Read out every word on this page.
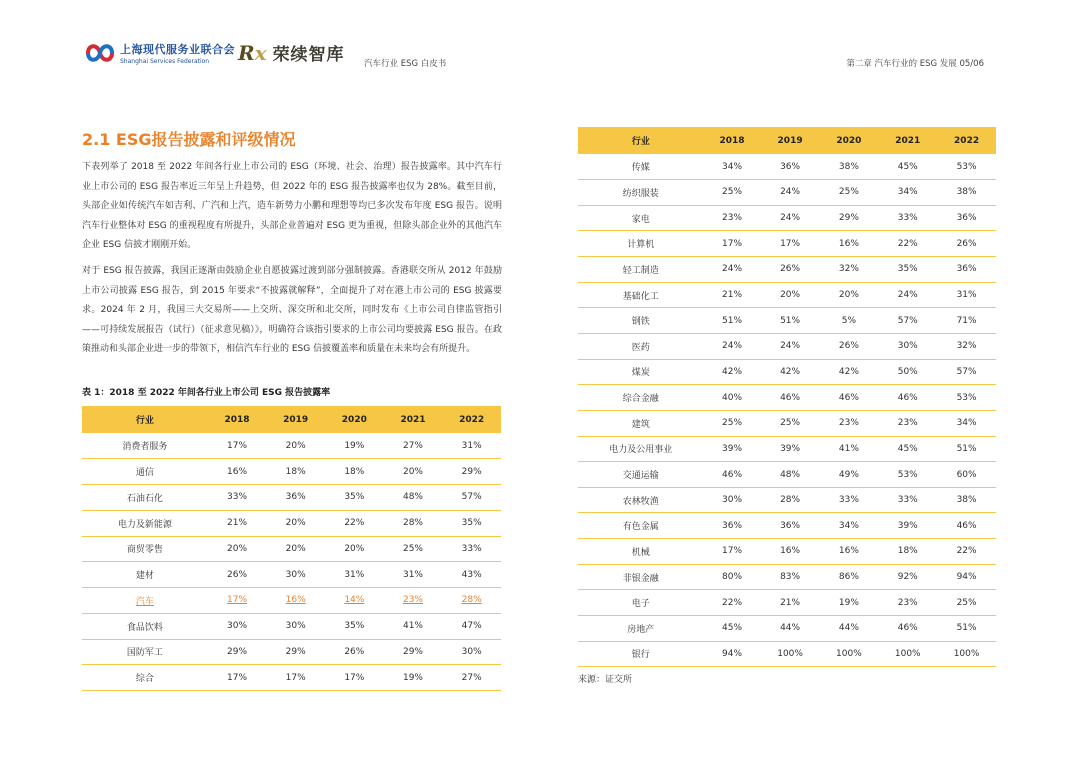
上海现代服务业联合会
Shanghai Services Federation	Rx 荣续智库 汽车行业 ESG 白皮书	第二章 汽车行业的 ESG 发展 05/06
2.1 ESG报告披露和评级情况

下表列举了 2018 至 2022 年间各行业上市公司的 ESG（环境、社会、治理）报告披露率。其中汽车行业上市公司的 ESG 报告率近三年呈上升趋势，但 2022 年的 ESG 报告披露率也仅为 28%。截至目前，头部企业如传统汽车如吉利、广汽和上汽，造车新势力小鹏和理想等均已多次发布年度 ESG 报告。说明汽车行业整体对 ESG 的重视程度有所提升，头部企业普遍对 ESG 更为重视，但除头部企业外的其他汽车企业 ESG 信披才刚刚开始。

对于 ESG 报告披露，我国正逐渐由鼓励企业自愿披露过渡到部分强制披露。香港联交所从 2012 年鼓励上市公司披露 ESG 报告，到 2015 年要求“不披露就解释”，全面提升了对在港上市公司的 ESG 披露要求。2024 年 2 月，我国三大交易所——上交所、深交所和北交所，同时发布《上市公司自律监管指引——可持续发展报告（试行）（征求意见稿）》，明确符合该指引要求的上市公司均要披露 ESG 报告。在政策推动和头部企业进一步的带领下，相信汽车行业的 ESG 信披覆盖率和质量在未来均会有所提升。

表 1：2018 至 2022 年间各行业上市公司 ESG 报告披露率
行业	2018	2019	2020	2021	2022
消费者服务	17%	20%	19%	27%	31%
通信	16%	18%	18%	20%	29%
石油石化	33%	36%	35%	48%	57%
电力及新能源	21%	20%	22%	28%	35%
商贸零售	20%	20%	20%	25%	33%
建材	26%	30%	31%	31%	43%
汽车	17%	16%	14%	23%	28%
食品饮料	30%	30%	35%	41%	47%
国防军工	29%	29%	26%	29%	30%
综合	17%	17%	17%	19%	27%
行业	2018	2019	2020	2021	2022
传媒	34%	36%	38%	45%	53%
纺织服装	25%	24%	25%	34%	38%
家电	23%	24%	29%	33%	36%
计算机	17%	17%	16%	22%	26%
轻工制造	24%	26%	32%	35%	36%
基础化工	21%	20%	20%	24%	31%
钢铁	51%	51%	5%	57%	71%
医药	24%	24%	26%	30%	32%
煤炭	42%	42%	42%	50%	57%
综合金融	40%	46%	46%	46%	53%
建筑	25%	25%	23%	23%	34%
电力及公用事业	39%	39%	41%	45%	51%
交通运输	46%	48%	49%	53%	60%
农林牧渔	30%	28%	33%	33%	38%
有色金属	36%	36%	34%	39%	46%
机械	17%	16%	16%	18%	22%
非银金融	80%	83%	86%	92%	94%
电子	22%	21%	19%	23%	25%
房地产	45%	44%	44%	46%	51%
银行	94%	100%	100%	100%	100%
来源：证交所
